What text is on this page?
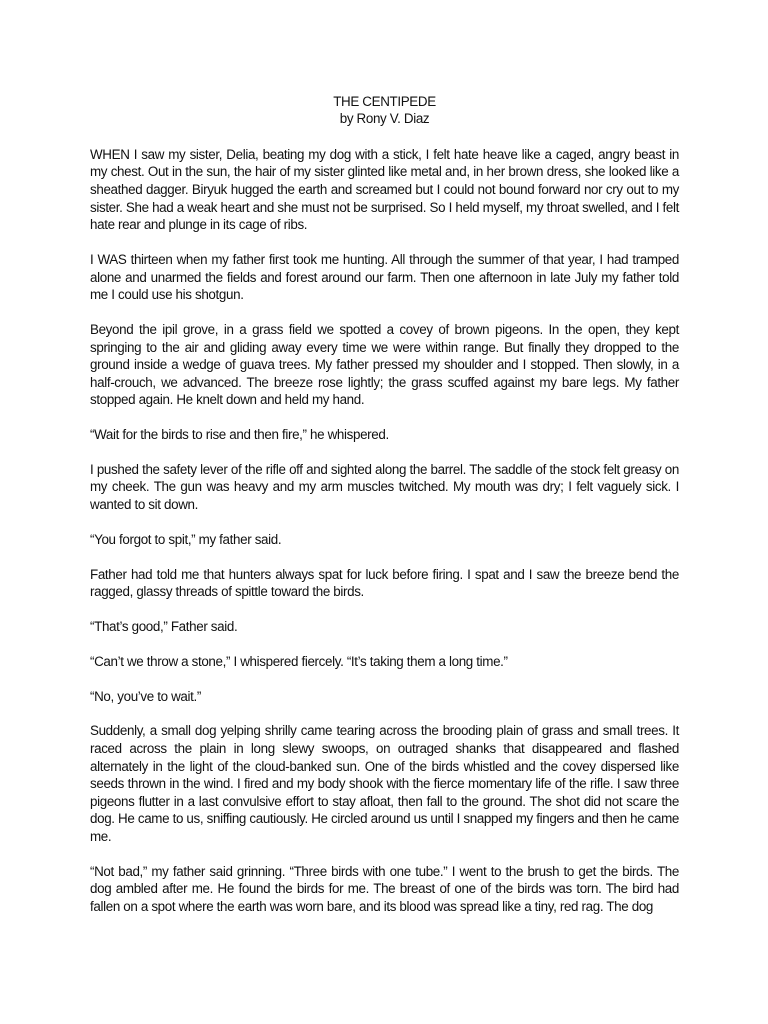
THE CENTIPEDE
by Rony V. Diaz

WHEN I saw my sister, Delia, beating my dog with a stick, I felt hate heave like a caged, angry beast in my chest. Out in the sun, the hair of my sister glinted like metal and, in her brown dress, she looked like a sheathed dagger. Biryuk hugged the earth and screamed but I could not bound forward nor cry out to my sister. She had a weak heart and she must not be surprised. So I held myself, my throat swelled, and I felt hate rear and plunge in its cage of ribs.

I WAS thirteen when my father first took me hunting. All through the summer of that year, I had tramped alone and unarmed the fields and forest around our farm. Then one afternoon in late July my father told me I could use his shotgun.

Beyond the ipil grove, in a grass field we spotted a covey of brown pigeons. In the open, they kept springing to the air and gliding away every time we were within range. But finally they dropped to the ground inside a wedge of guava trees. My father pressed my shoulder and I stopped. Then slowly, in a half-crouch, we advanced. The breeze rose lightly; the grass scuffed against my bare legs. My father stopped again. He knelt down and held my hand.

“Wait for the birds to rise and then fire,” he whispered.

I pushed the safety lever of the rifle off and sighted along the barrel. The saddle of the stock felt greasy on my cheek. The gun was heavy and my arm muscles twitched. My mouth was dry; I felt vaguely sick. I wanted to sit down.

“You forgot to spit,” my father said.

Father had told me that hunters always spat for luck before firing. I spat and I saw the breeze bend the ragged, glassy threads of spittle toward the birds.

“That’s good,” Father said.

“Can’t we throw a stone,” I whispered fiercely. “It’s taking them a long time.”

“No, you’ve to wait.”

Suddenly, a small dog yelping shrilly came tearing across the brooding plain of grass and small trees. It raced across the plain in long slewy swoops, on outraged shanks that disappeared and flashed alternately in the light of the cloud-banked sun. One of the birds whistled and the covey dispersed like seeds thrown in the wind. I fired and my body shook with the fierce momentary life of the rifle. I saw three pigeons flutter in a last convulsive effort to stay afloat, then fall to the ground. The shot did not scare the dog. He came to us, sniffing cautiously. He circled around us until I snapped my fingers and then he came me.

“Not bad,” my father said grinning. “Three birds with one tube.” I went to the brush to get the birds. The dog ambled after me. He found the birds for me. The breast of one of the birds was torn. The bird had fallen on a spot where the earth was worn bare, and its blood was spread like a tiny, red rag. The dog
